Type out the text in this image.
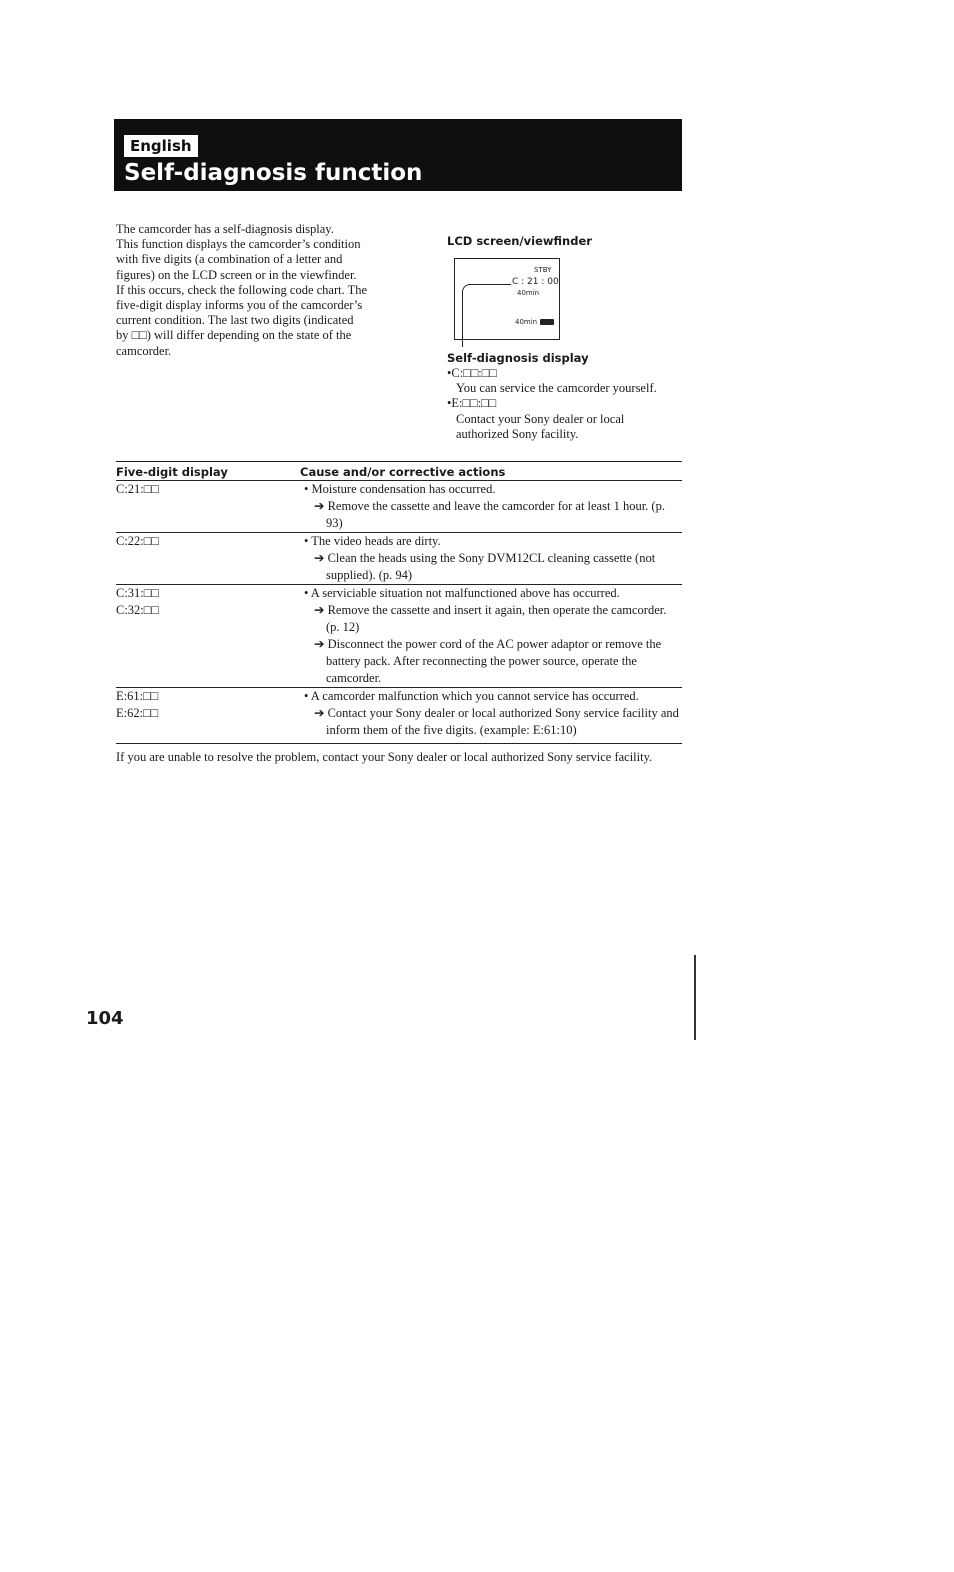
English
Self-diagnosis function

The camcorder has a self-diagnosis display.

This function displays the camcorder’s condition

with five digits (a combination of a letter and

figures) on the LCD screen or in the viewfinder.

If this occurs, check the following code chart. The

five-digit display informs you of the camcorder’s

current condition. The last two digits (indicated

by □□) will differ depending on the state of the

camcorder.

LCD screen/viewfinder
STBY
C : 21 : 00
40min
40min
Self-diagnosis display

•C:□□:□□

You can service the camcorder yourself.

•E:□□:□□

Contact your Sony dealer or local

authorized Sony facility.

Five-digit display	Cause and/or corrective actions

C:21:□□	• Moisture condensation has occurred.
➔ Remove the cassette and leave the camcorder for at least 1 hour. (p. 93)

C:22:□□	• The video heads are dirty.
➔ Clean the heads using the Sony DVM12CL cleaning cassette (not supplied). (p. 94)

C:31:□□
C:32:□□	• A serviciable situation not malfunctioned above has occurred.
➔ Remove the cassette and insert it again, then operate the camcorder. (p. 12)
➔ Disconnect the power cord of the AC power adaptor or remove the battery pack. After reconnecting the power source, operate the camcorder.

E:61:□□
E:62:□□	• A camcorder malfunction which you cannot service has occurred.
➔ Contact your Sony dealer or local authorized Sony service facility and inform them of the five digits. (example: E:61:10)

If you are unable to resolve the problem, contact your Sony dealer or local authorized Sony service facility.

104
